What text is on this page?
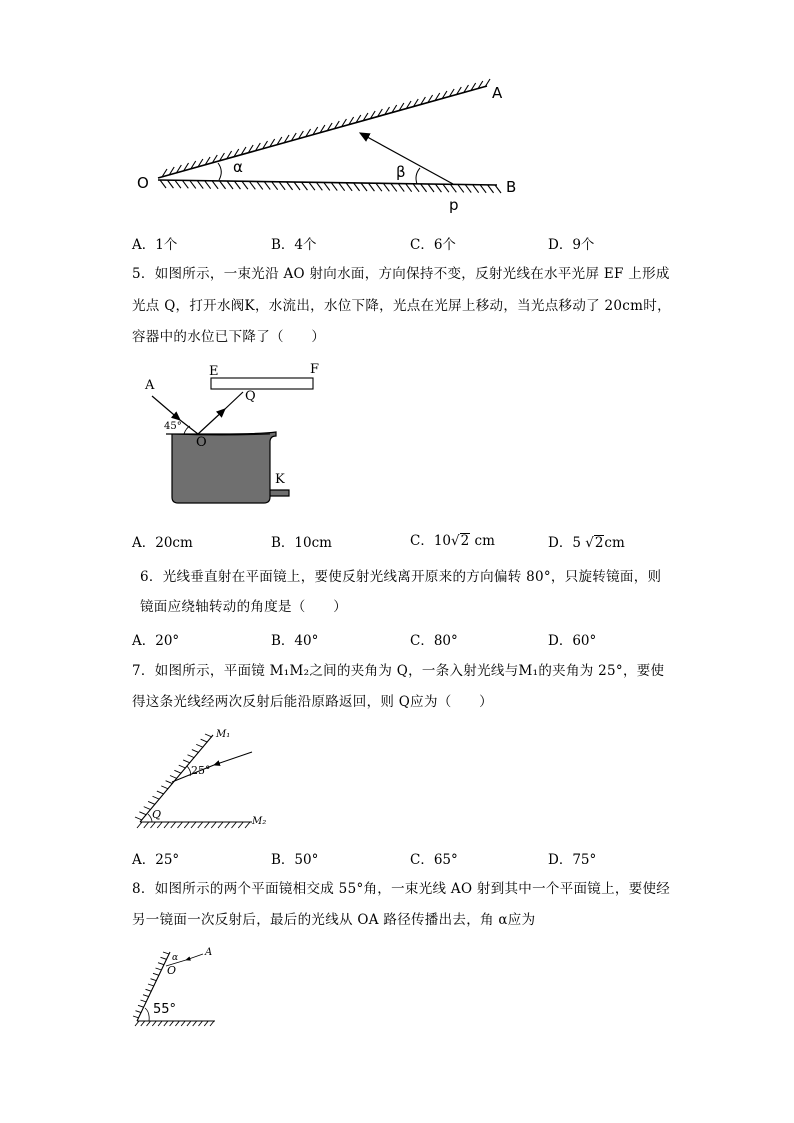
A
B
O
α	β
p
A．1个	B．4个	C．6个	D．9个
5．如图所示，一束光沿 AO 射向水面，方向保持不变，反射光线在水平光屏 EF 上形成
光点 Q，打开水阀K，水流出，水位下降，光点在光屏上移动，当光点移动了 20cm时，
容器中的水位已下降了（　　）
E	F
A
Q
45°
O
K
A．20cm	B．10cm	C．10√2 cm	D．5 √2cm
6．光线垂直射在平面镜上，要使反射光线离开原来的方向偏转 80°，只旋转镜面，则
镜面应绕轴转动的角度是（　　）
A．20°	B．40°	C．80°	D．60°
7．如图所示，平面镜 M₁M₂之间的夹角为 Q，一条入射光线与M₁的夹角为 25°，要使
得这条光线经两次反射后能沿原路返回，则 Q应为（　　）
M₁
M₂
25°
Q
A．25°	B．50°	C．65°	D．75°
8．如图所示的两个平面镜相交成 55°角，一束光线 AO 射到其中一个平面镜上，要使经
另一镜面一次反射后，最后的光线从 OA 路径传播出去，角 α应为
α	A
O
55°
